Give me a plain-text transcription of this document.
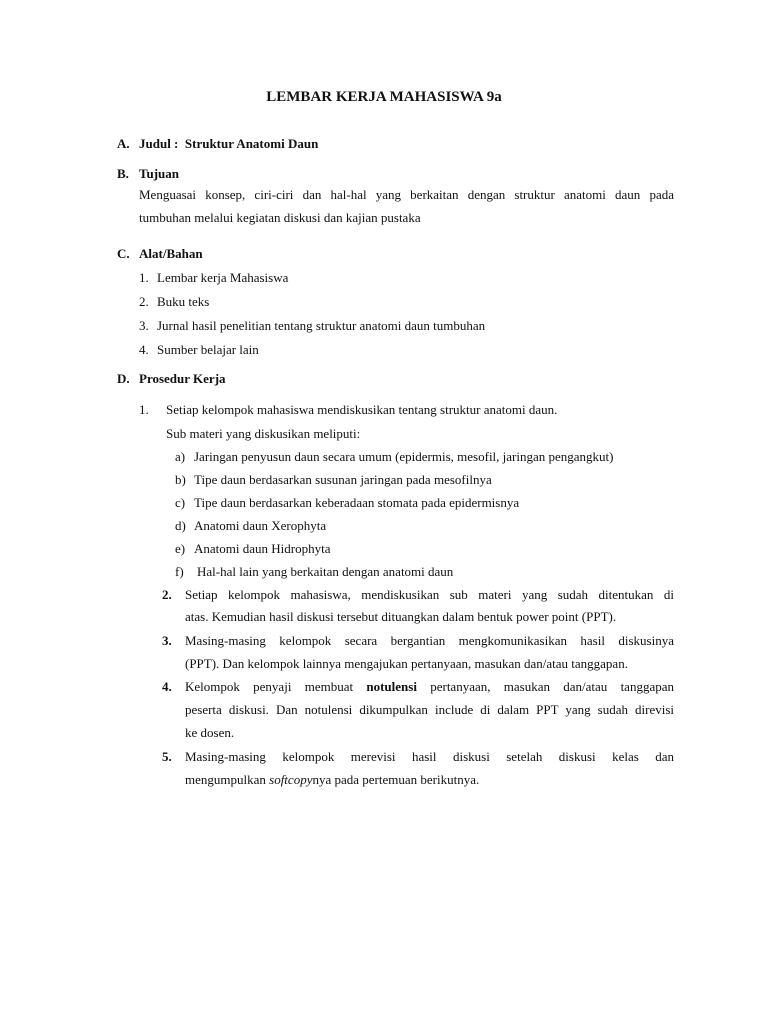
LEMBAR KERJA MAHASISWA 9a
A. Judul : Struktur Anatomi Daun
B. Tujuan
Menguasai konsep, ciri-ciri dan hal-hal yang berkaitan dengan struktur anatomi daun pada
tumbuhan melalui kegiatan diskusi dan kajian pustaka
C. Alat/Bahan
1. Lembar kerja Mahasiswa
2. Buku teks
3. Jurnal hasil penelitian tentang struktur anatomi daun tumbuhan
4. Sumber belajar lain
D. Prosedur Kerja
1. Setiap kelompok mahasiswa mendiskusikan tentang struktur anatomi daun.
Sub materi yang diskusikan meliputi:
a) Jaringan penyusun daun secara umum (epidermis, mesofil, jaringan pengangkut)
b) Tipe daun berdasarkan susunan jaringan pada mesofilnya
c) Tipe daun berdasarkan keberadaan stomata pada epidermisnya
d) Anatomi daun Xerophyta
e) Anatomi daun Hidrophyta
f) Hal-hal lain yang berkaitan dengan anatomi daun
2. Setiap kelompok mahasiswa, mendiskusikan sub materi yang sudah ditentukan di
atas. Kemudian hasil diskusi tersebut dituangkan dalam bentuk power point (PPT).
3. Masing-masing kelompok secara bergantian mengkomunikasikan hasil diskusinya
(PPT). Dan kelompok lainnya mengajukan pertanyaan, masukan dan/atau tanggapan.
4. Kelompok penyaji membuat notulensi pertanyaan, masukan dan/atau tanggapan
peserta diskusi. Dan notulensi dikumpulkan include di dalam PPT yang sudah direvisi
ke dosen.
5. Masing-masing kelompok merevisi hasil diskusi setelah diskusi kelas dan
mengumpulkan softcopynya pada pertemuan berikutnya.
